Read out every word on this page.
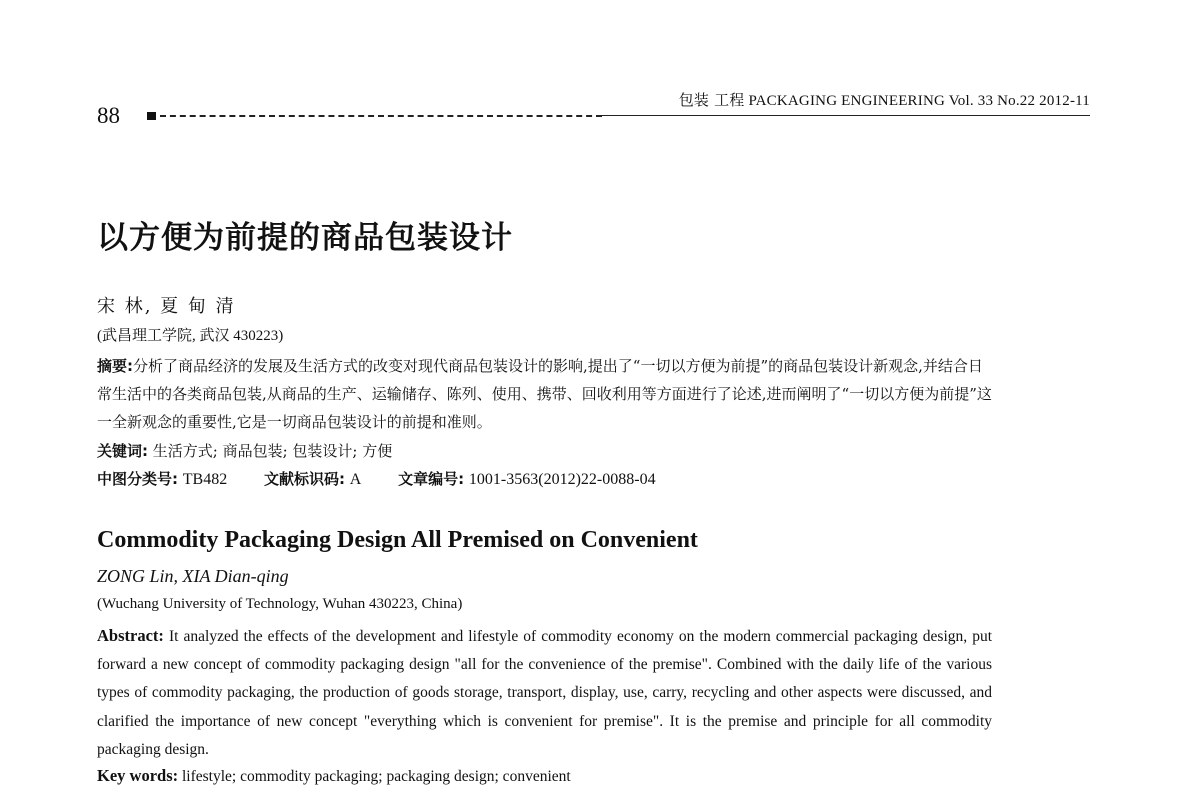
88
包装 工程 PACKAGING ENGINEERING Vol. 33 No.22 2012-11
以方便为前提的商品包装设计
宋 林, 夏 甸 清
(武昌理工学院, 武汉 430223)
摘要:分析了商品经济的发展及生活方式的改变对现代商品包装设计的影响,提出了“一切以方便为前提”的商品包装设计新观念,并结合日常生活中的各类商品包装,从商品的生产、运输储存、陈列、使用、携带、回收利用等方面进行了论述,进而阐明了“一切以方便为前提”这一全新观念的重要性,它是一切商品包装设计的前提和准则。
关键词: 生活方式; 商品包装; 包装设计; 方便
中图分类号: TB482 文献标识码: A 文章编号: 1001-3563(2012)22-0088-04
Commodity Packaging Design All Premised on Convenient
ZONG Lin, XIA Dian-qing
(Wuchang University of Technology, Wuhan 430223, China)
Abstract: It analyzed the effects of the development and lifestyle of commodity economy on the modern commercial packaging design, put forward a new concept of commodity packaging design "all for the convenience of the premise". Combined with the daily life of the various types of commodity packaging, the production of goods storage, transport, display, use, carry, recycling and other aspects were discussed, and clarified the importance of new concept "everything which is convenient for premise". It is the premise and principle for all commodity packaging design.
Key words: lifestyle; commodity packaging; packaging design; convenient
